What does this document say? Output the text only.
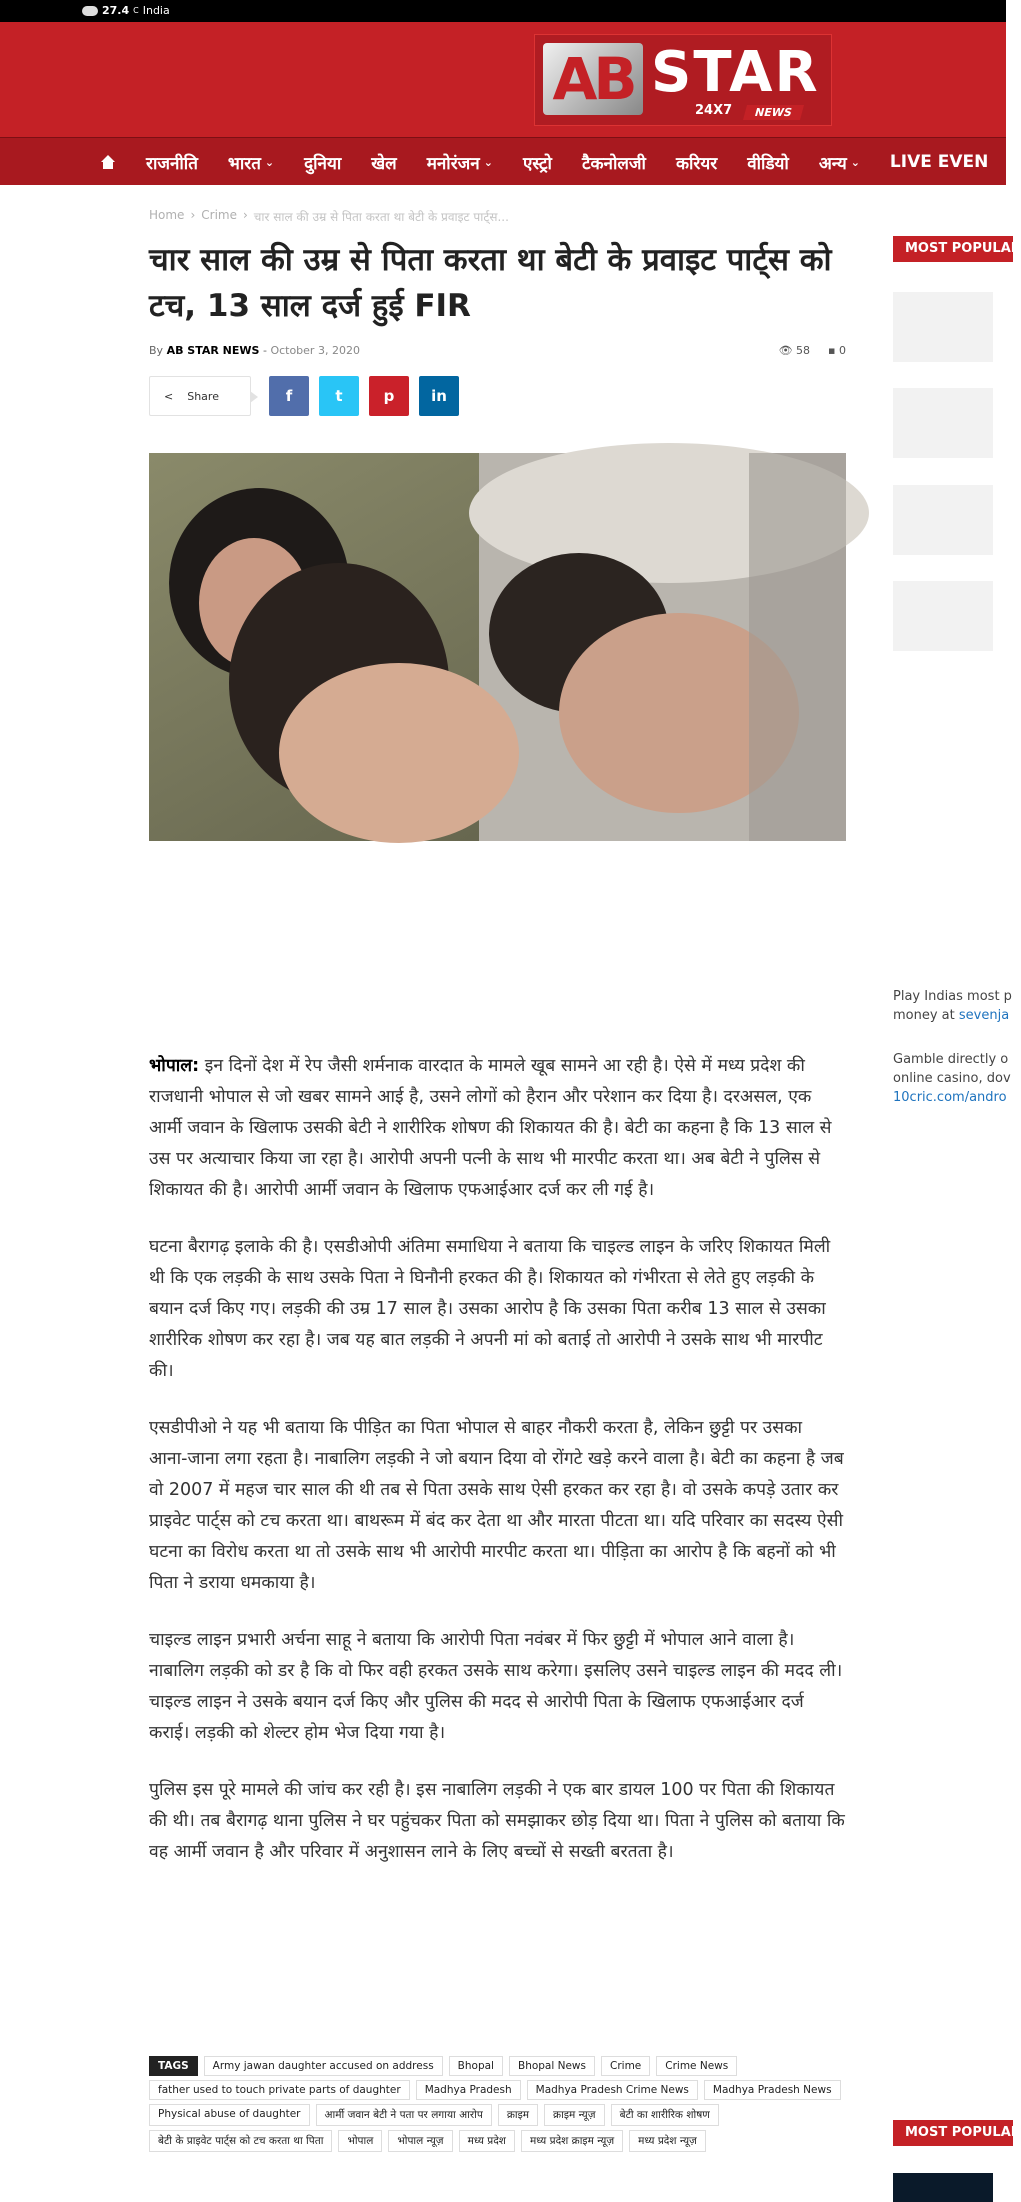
27.4 C India
AB STAR
24X7	NEWS
राजनीति भारत ⌄ दुनिया खेल मनोरंजन ⌄ एस्ट्रो टैकनोलजी करियर वीडियो अन्य ⌄ LIVE EVEN
Home › Crime › चार साल की उम्र से पिता करता था बेटी के प्रवाइट पार्ट्स...
चार साल की उम्र से पिता करता था बेटी के प्रवाइट पार्ट्स को टच, 13 साल दर्ज हुई FIR
By AB STAR NEWS - October 3, 2020	👁 58 ▪ 0
< Share	f	t	p in

भोपाल: इन दिनों देश में रेप जैसी शर्मनाक वारदात के मामले खूब सामने आ रही है। ऐसे में मध्य प्रदेश की राजधानी भोपाल से जो खबर सामने आई है, उसने लोगों को हैरान और परेशान कर दिया है। दरअसल, एक आर्मी जवान के खिलाफ उसकी बेटी ने शारीरिक शोषण की शिकायत की है। बेटी का कहना है कि 13 साल से उस पर अत्याचार किया जा रहा है। आरोपी अपनी पत्नी के साथ भी मारपीट करता था। अब बेटी ने पुलिस से शिकायत की है। आरोपी आर्मी जवान के खिलाफ एफआईआर दर्ज कर ली गई है।

घटना बैरागढ़ इलाके की है। एसडीओपी अंतिमा समाधिया ने बताया कि चाइल्ड लाइन के जरिए शिकायत मिली थी कि एक लड़की के साथ उसके पिता ने घिनौनी हरकत की है। शिकायत को गंभीरता से लेते हुए लड़की के बयान दर्ज किए गए। लड़की की उम्र 17 साल है। उसका आरोप है कि उसका पिता करीब 13 साल से उसका शारीरिक शोषण कर रहा है। जब यह बात लड़की ने अपनी मां को बताई तो आरोपी ने उसके साथ भी मारपीट की।

एसडीपीओ ने यह भी बताया कि पीड़ित का पिता भोपाल से बाहर नौकरी करता है, लेकिन छुट्टी पर उसका आना-जाना लगा रहता है। नाबालिग लड़की ने जो बयान दिया वो रोंगटे खड़े करने वाला है। बेटी का कहना है जब वो 2007 में महज चार साल की थी तब से पिता उसके साथ ऐसी हरकत कर रहा है। वो उसके कपड़े उतार कर प्राइवेट पार्ट्स को टच करता था। बाथरूम में बंद कर देता था और मारता पीटता था। यदि परिवार का सदस्य ऐसी घटना का विरोध करता था तो उसके साथ भी आरोपी मारपीट करता था। पीड़िता का आरोप है कि बहनों को भी पिता ने डराया धमकाया है।

चाइल्ड लाइन प्रभारी अर्चना साहू ने बताया कि आरोपी पिता नवंबर में फिर छुट्टी में भोपाल आने वाला है। नाबालिग लड़की को डर है कि वो फिर वही हरकत उसके साथ करेगा। इसलिए उसने चाइल्ड लाइन की मदद ली। चाइल्ड लाइन ने उसके बयान दर्ज किए और पुलिस की मदद से आरोपी पिता के खिलाफ एफआईआर दर्ज कराई। लड़की को शेल्टर होम भेज दिया गया है।

पुलिस इस पूरे मामले की जांच कर रही है। इस नाबालिग लड़की ने एक बार डायल 100 पर पिता की शिकायत की थी। तब बैरागढ़ थाना पुलिस ने घर पहुंचकर पिता को समझाकर छोड़ दिया था। पिता ने पुलिस को बताया कि वह आर्मी जवान है और परिवार में अनुशासन लाने के लिए बच्चों से सख्ती बरतता है।

TAGS	Army jawan daughter accused on address	Bhopal	Bhopal News	Crime	Crime News
father used to touch private parts of daughter	Madhya Pradesh	Madhya Pradesh Crime News	Madhya Pradesh News
Physical abuse of daughter	आर्मी जवान बेटी ने पता पर लगाया आरोप	क्राइम	क्राइम न्यूज़	बेटी का शारीरिक शोषण
बेटी के प्राइवेट पार्ट्स को टच करता था पिता	भोपाल	भोपाल न्यूज़	मध्य प्रदेश	मध्य प्रदेश क्राइम न्यूज़	मध्य प्रदेश न्यूज़
MOST POPULAR
Play Indias most p
money at sevenja
Gamble directly o
online casino, dov
10cric.com/andro
MOST POPULAR
